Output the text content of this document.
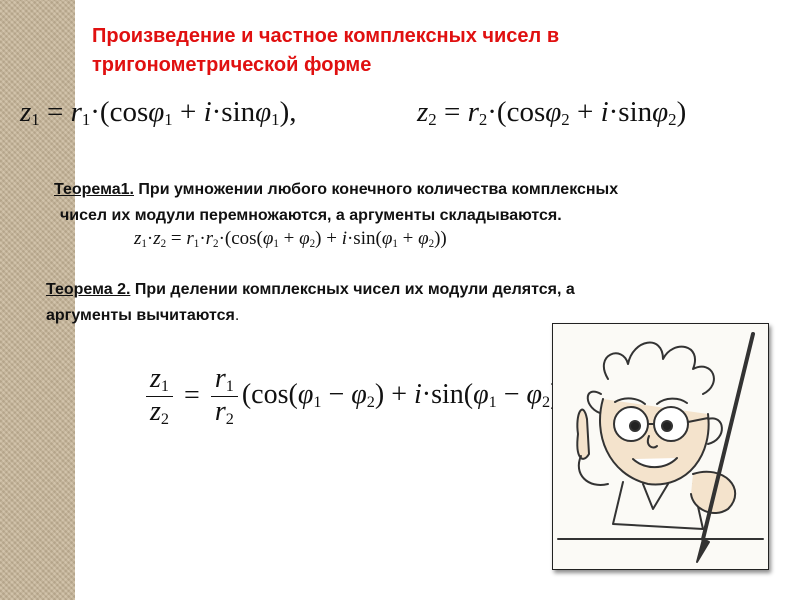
Произведение и частное комплексных чисел в тригонометрической форме
$z_1 = r_1\cdot(\cos\varphi_1 + i\cdot\sin\varphi_1)$,	$z_2 = r_2\cdot(\cos\varphi_2 + i\cdot\sin\varphi_2)$

Теорема1. При умножении любого конечного количества комплексных
чисел их модули перемножаются, а аргументы складываются.

$z_1\cdot z_2 = r_1\cdot r_2\cdot(\cos(\varphi_1 + \varphi_2) + i\cdot\sin(\varphi_1 + \varphi_2))$

Теорема 2. При делении комплексных чисел их модули делятся, а аргументы вычитаются.

$\frac{z_1}{z_2} = \frac{r_1}{r_2} (\cos(\varphi_1 - \varphi_2) + i\cdot\sin(\varphi_1 - \varphi_2$
